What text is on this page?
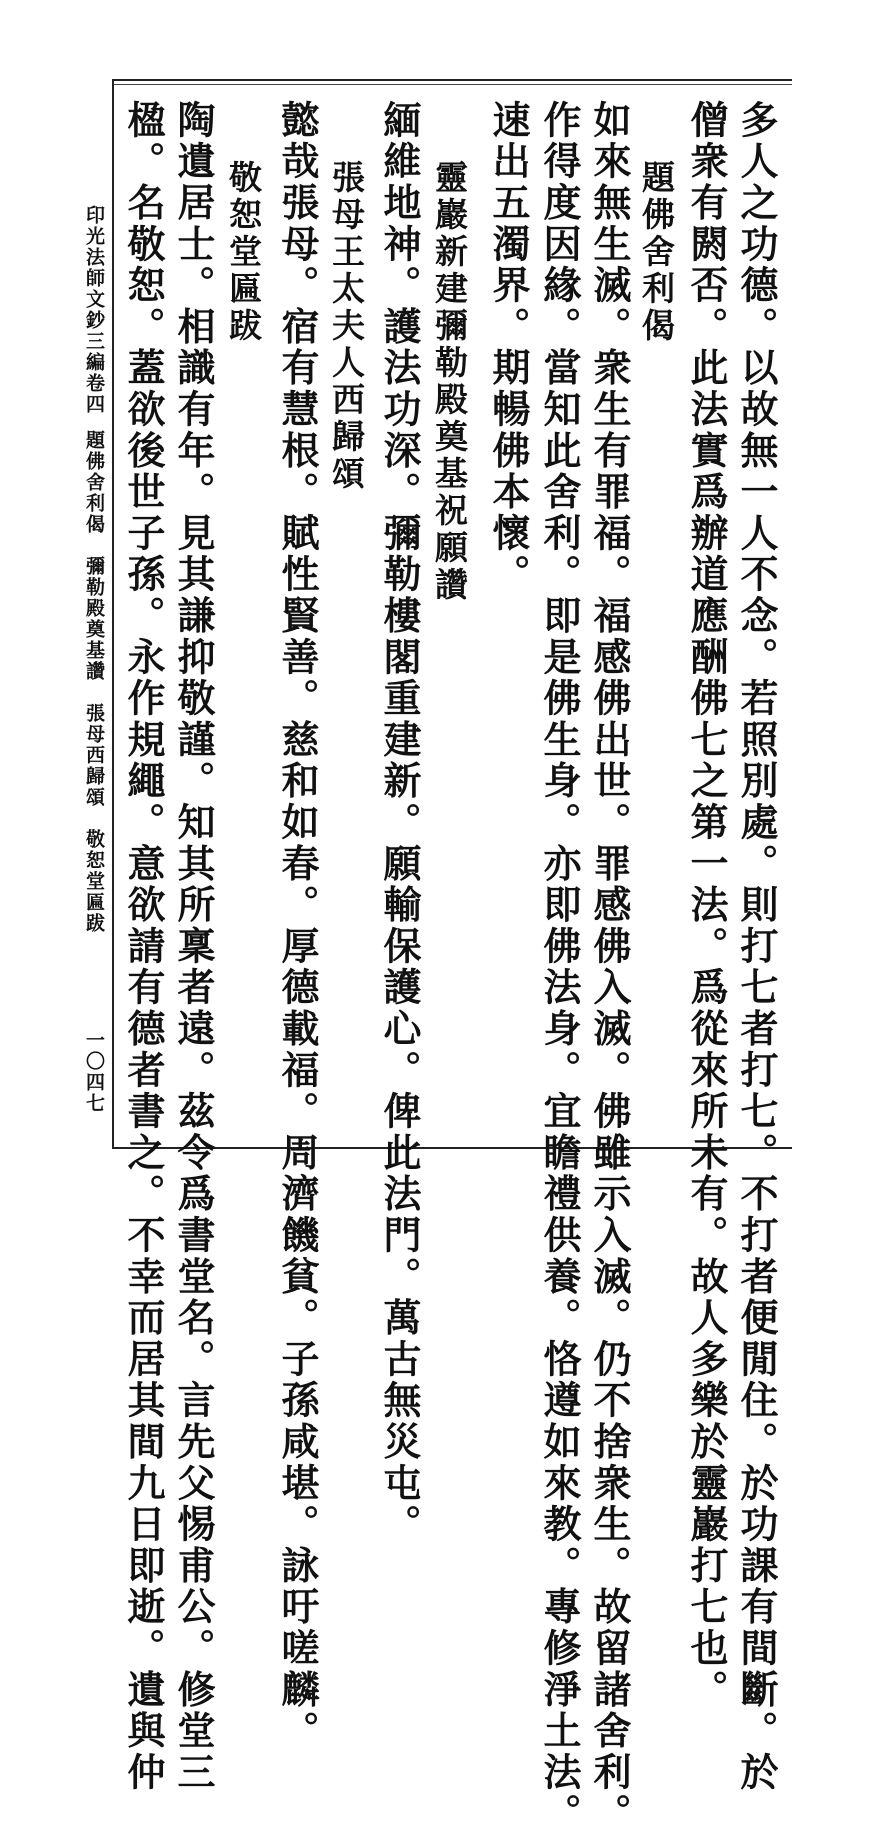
多人之功德。以故無一人不念。若照別處。則打七者打七。不打者便閒住。於功課有間斷。於
僧衆有閼否。此法實爲辦道應酬佛七之第一法。爲從來所未有。故人多樂於靈巖打七也。
題佛舍利偈
如來無生滅。衆生有罪福。福感佛出世。罪感佛入滅。佛雖示入滅。仍不捨衆生。故留諸舍利。
作得度因緣。當知此舍利。即是佛生身。亦即佛法身。宜瞻禮供養。恪遵如來教。專修淨土法。
速出五濁界。期暢佛本懷。
靈巖新建彌勒殿奠基祝願讚
緬維地神。護法功深。彌勒樓閣重建新。願輸保護心。俾此法門。萬古無災屯。
張母王太夫人西歸頌
懿哉張母。宿有慧根。賦性賢善。慈和如春。厚德載福。周濟饑貧。子孫咸堪。詠吁嗟麟。
敬恕堂匾跋
陶遺居士。相識有年。見其謙抑敬謹。知其所稟者遠。茲令爲書堂名。言先父惕甫公。修堂三
楹。名敬恕。蓋欲後世子孫。永作規繩。意欲請有德者書之。不幸而居其間九日即逝。遺與仲
印光法師文鈔三編卷四
題佛舍利偈　彌勒殿奠基讚　張母西歸頌　敬恕堂匾跋
一〇四七
